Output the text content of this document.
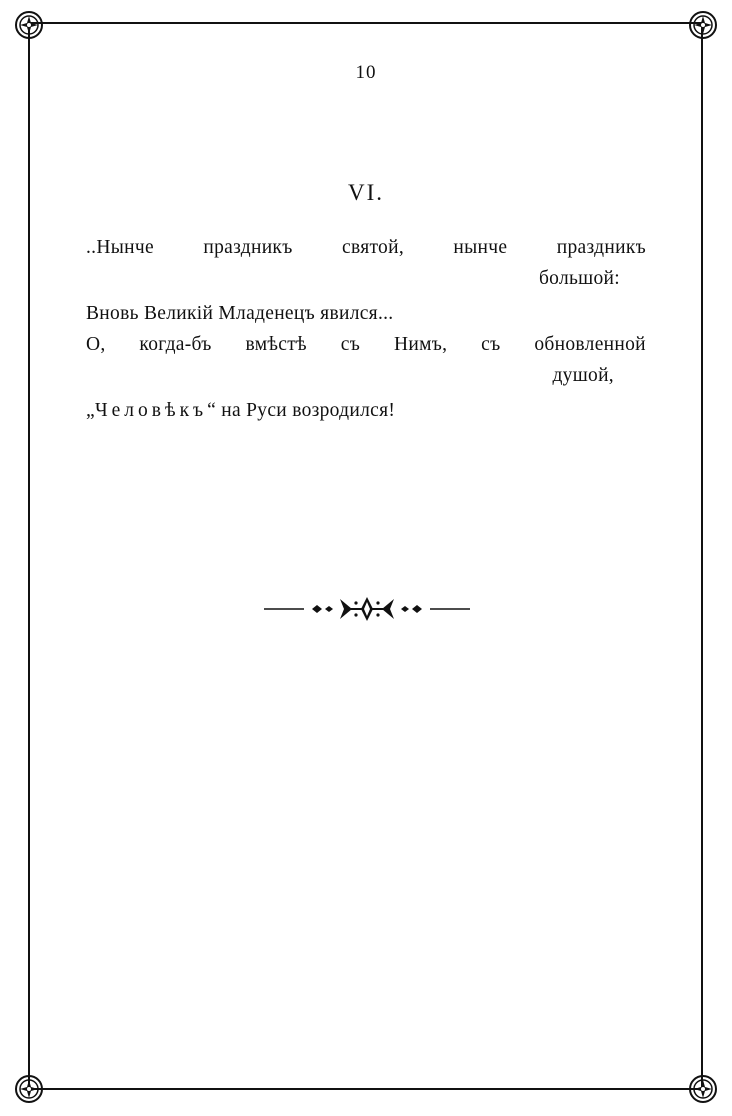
10
VI.
..Нынче	праздникъ	святой,	нынче	праздникъ
большой:
Вновь Великій Младенецъ явился...
О, когда-бъ вмѣстѣ съ Нимъ, съ обновленной
душой,
„Человѣкъ“ на Руси возродился!
